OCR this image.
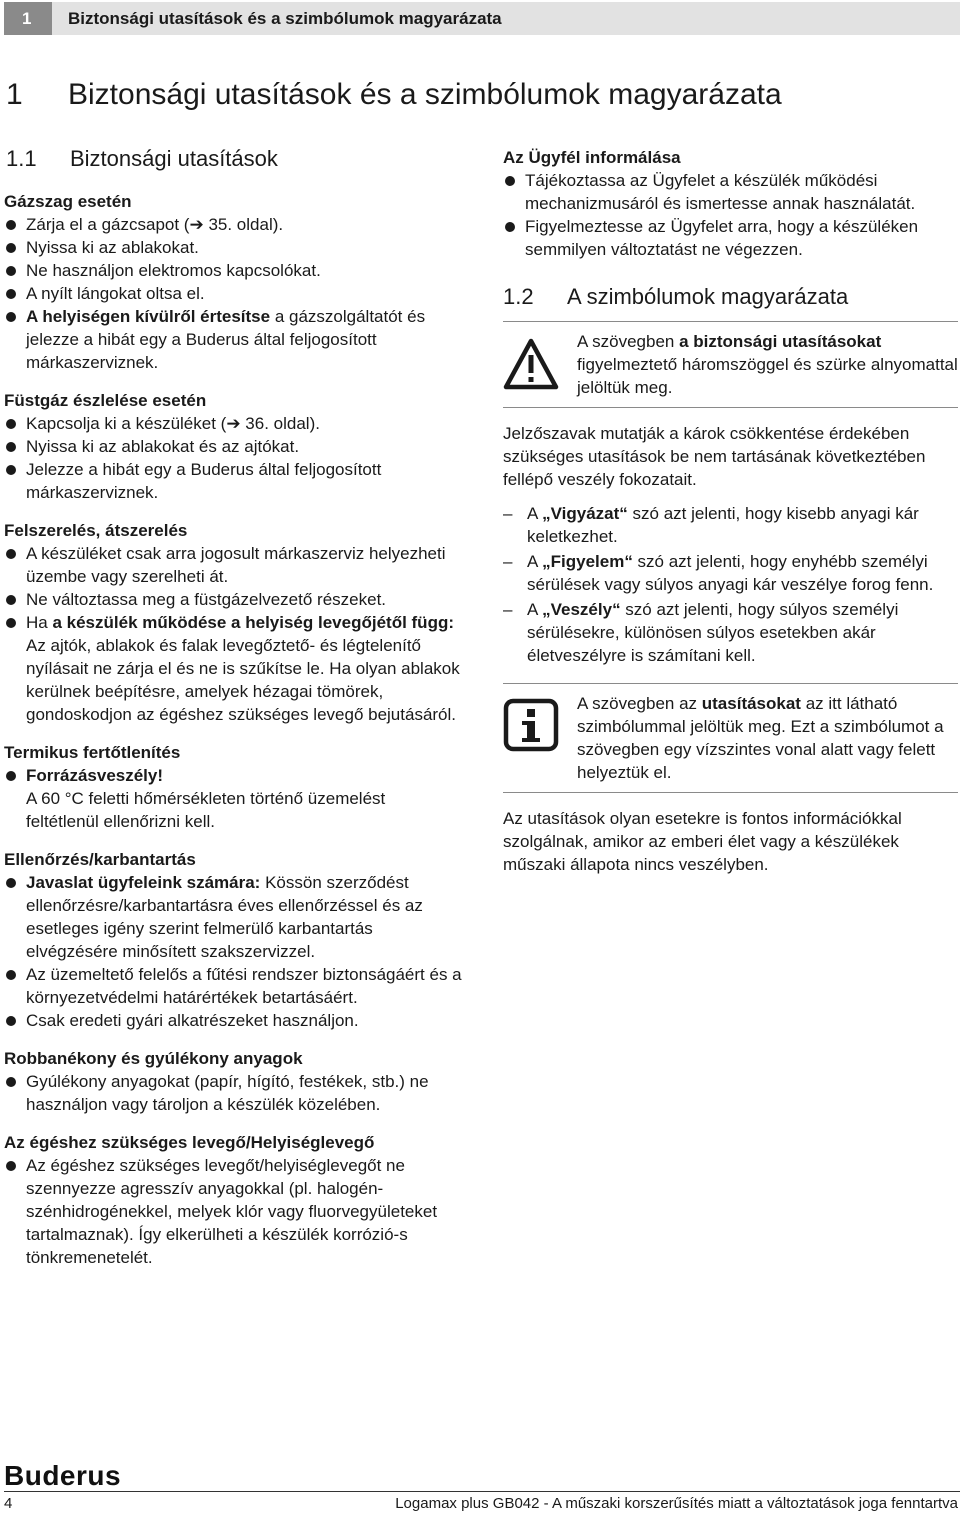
1	Biztonsági utasítások és a szimbólumok magyarázata
1 Biztonsági utasítások és a szimbólumok magyarázata
1.1 Biztonsági utasítások

Gázszag esetén

Zárja el a gázcsapot (➔ 35. oldal).
Nyissa ki az ablakokat.
Ne használjon elektromos kapcsolókat.
A nyílt lángokat oltsa el.
A helyiségen kívülről értesítse a gázszolgáltatót és jelezze a hibát egy a Buderus által feljogosított márkaszerviznek.

Füstgáz észlelése esetén

Kapcsolja ki a készüléket (➔ 36. oldal).
Nyissa ki az ablakokat és az ajtókat.
Jelezze a hibát egy a Buderus által feljogosított márkaszerviznek.

Felszerelés, átszerelés

A készüléket csak arra jogosult márkaszerviz helyezheti üzembe vagy szerelheti át.
Ne változtassa meg a füstgázelvezető részeket.
Ha a készülék működése a helyiség levegőjétől függ: Az ajtók, ablakok és falak levegőztető- és légtelenítő nyílásait ne zárja el és ne is szűkítse le. Ha olyan ablakok kerülnek beépítésre, amelyek hézagai tömörek, gondoskodjon az égéshez szükséges levegő bejutásáról.

Termikus fertőtlenítés

Forrázásveszély!
A 60 °C feletti hőmérsékleten történő üzemelést feltétlenül ellenőrizni kell.

Ellenőrzés/karbantartás

Javaslat ügyfeleink számára: Kössön szerződést ellenőrzésre/karbantartásra éves ellenőrzéssel és az esetleges igény szerint felmerülő karbantartás elvégzésére minősített szakszervizzel.
Az üzemeltető felelős a fűtési rendszer biztonságáért és a környezetvédelmi határértékek betartásáért.
Csak eredeti gyári alkatrészeket használjon.

Robbanékony és gyúlékony anyagok

Gyúlékony anyagokat (papír, hígító, festékek, stb.) ne használjon vagy tároljon a készülék közelében.

Az égéshez szükséges levegő/Helyiséglevegő

Az égéshez szükséges levegőt/helyiséglevegőt ne szennyezze agresszív anyagokkal (pl. halogén-szénhidrogénekkel, melyek klór vagy fluorvegyületeket tartalmaznak). Így elkerülheti a készülék korrózió-s tönkremenetelét.

Az Ügyfél informálása

Tájékoztassa az Ügyfelet a készülék működési mechanizmusáról és ismertesse annak használatát.
Figyelmeztesse az Ügyfelet arra, hogy a készüléken semmilyen változtatást ne végezzen.
1.2 A szimbólumok magyarázata

A szövegben a biztonsági utasításokat figyelmeztető háromszöggel és szürke alnyomattal jelöltük meg.

Jelzőszavak mutatják a károk csökkentése érdekében szükséges utasítások be nem tartásának következtében fellépő veszély fokozatait.

– A „Vigyázat“ szó azt jelenti, hogy kisebb anyagi kár keletkezhet.
– A „Figyelem“ szó azt jelenti, hogy enyhébb személyi sérülések vagy súlyos anyagi kár veszélye forog fenn.
– A „Veszély“ szó azt jelenti, hogy súlyos személyi sérülésekre, különösen súlyos esetekben akár életveszélyre is számítani kell.

A szövegben az utasításokat az itt látható szimbólummal jelöltük meg. Ezt a szimbólumot a szövegben egy vízszintes vonal alatt vagy felett helyeztük el.

Az utasítások olyan esetekre is fontos információkkal szolgálnak, amikor az emberi élet vagy a készülékek műszaki állapota nincs veszélyben.

Buderus
4	Logamax plus GB042 - A műszaki korszerűsítés miatt a változtatások joga fenntartva
